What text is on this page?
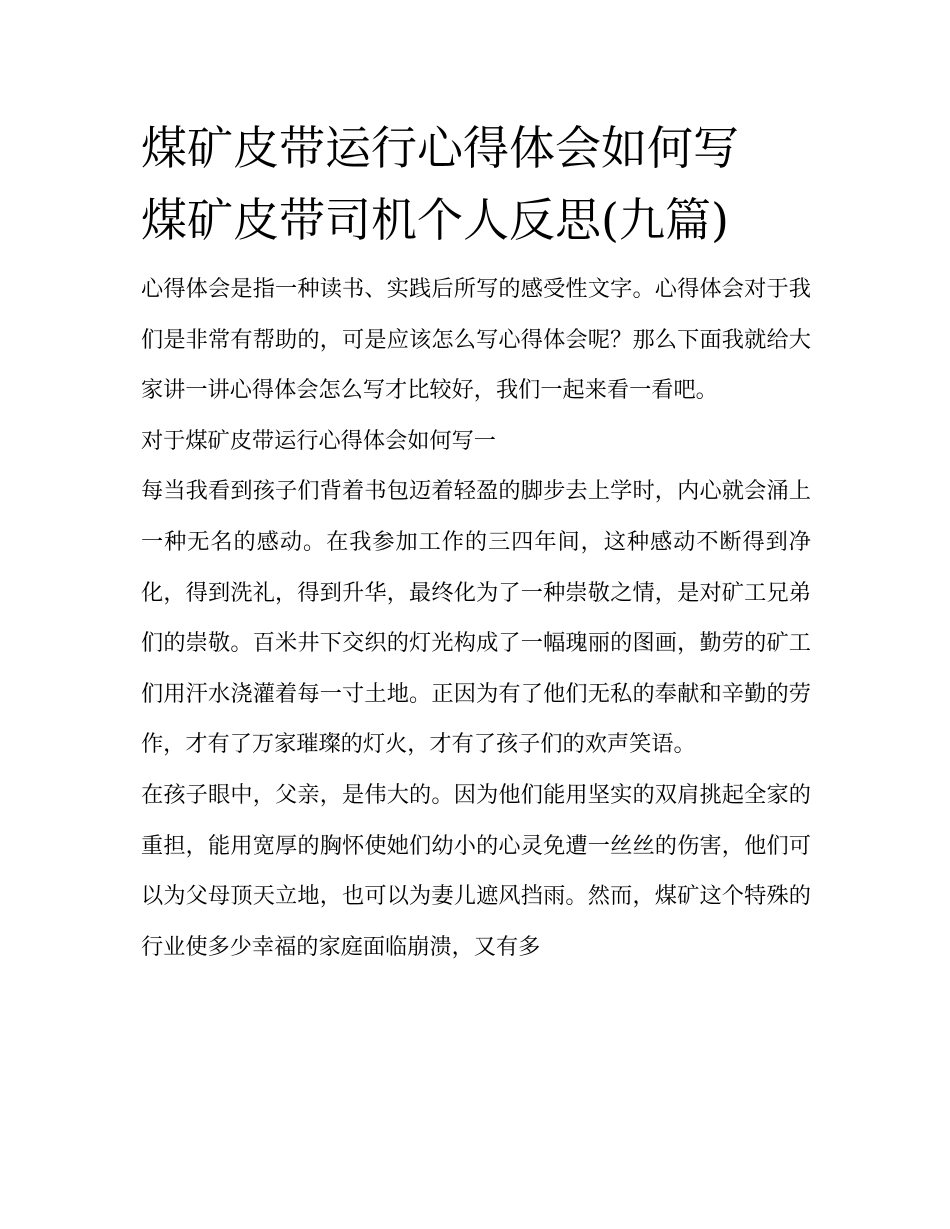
煤矿皮带运行心得体会如何写
煤矿皮带司机个人反思(九篇)

心得体会是指一种读书、实践后所写的感受性文字。心得体会对于我们是非常有帮助的，可是应该怎么写心得体会呢？那么下面我就给大家讲一讲心得体会怎么写才比较好，我们一起来看一看吧。

对于煤矿皮带运行心得体会如何写一

每当我看到孩子们背着书包迈着轻盈的脚步去上学时，内心就会涌上一种无名的感动。在我参加工作的三四年间，这种感动不断得到净化，得到洗礼，得到升华，最终化为了一种崇敬之情，是对矿工兄弟们的崇敬。百米井下交织的灯光构成了一幅瑰丽的图画，勤劳的矿工们用汗水浇灌着每一寸土地。正因为有了他们无私的奉献和辛勤的劳作，才有了万家璀璨的灯火，才有了孩子们的欢声笑语。

在孩子眼中，父亲，是伟大的。因为他们能用坚实的双肩挑起全家的重担，能用宽厚的胸怀使她们幼小的心灵免遭一丝丝的伤害，他们可以为父母顶天立地，也可以为妻儿遮风挡雨。然而，煤矿这个特殊的行业使多少幸福的家庭面临崩溃，又有多
